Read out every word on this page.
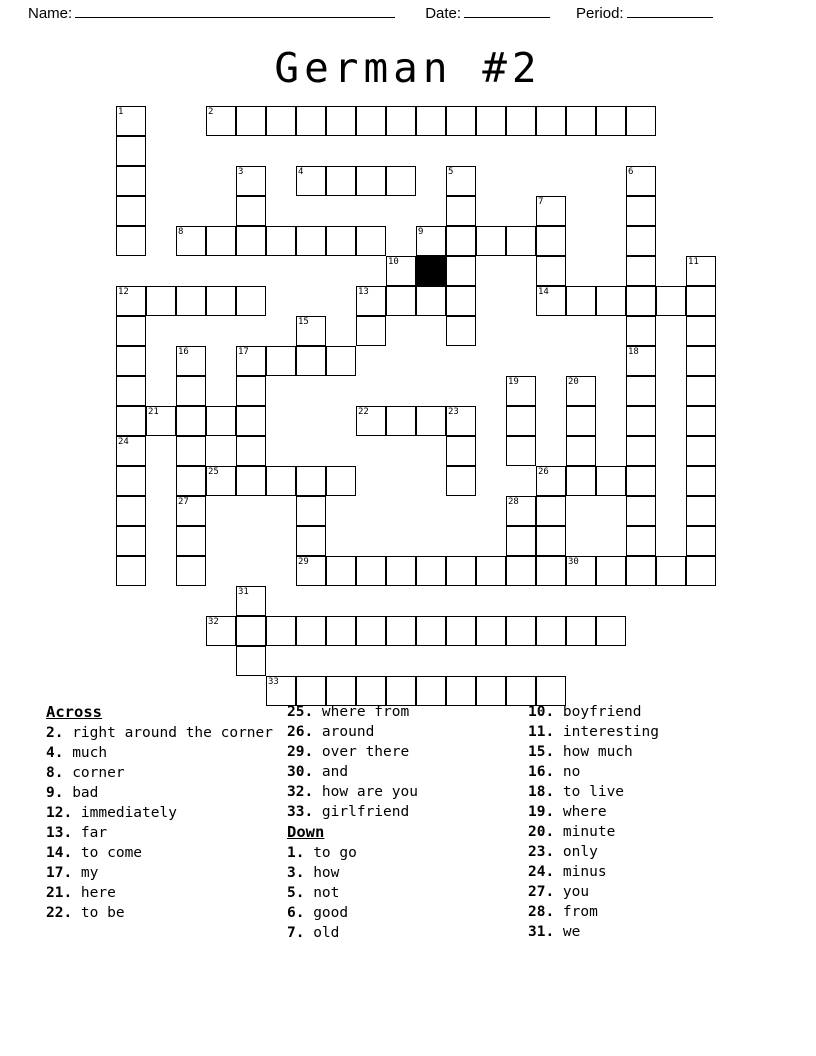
Name:	Date:	Period:
German #2
1	2
3	4	5	6
7
8	9
10	11
12	13	14
15
16	17	18
19	20
21	22	23
24
25	26
27	28
29	30
31
32
33
Across
2. right around the corner
4. much
8. corner
9. bad
12. immediately
13. far
14. to come
17. my
21. here
22. to be
25. where from
26. around
29. over there
30. and
32. how are you
33. girlfriend
Down
1. to go
3. how
5. not
6. good
7. old
10. boyfriend
11. interesting
15. how much
16. no
18. to live
19. where
20. minute
23. only
24. minus
27. you
28. from
31. we
